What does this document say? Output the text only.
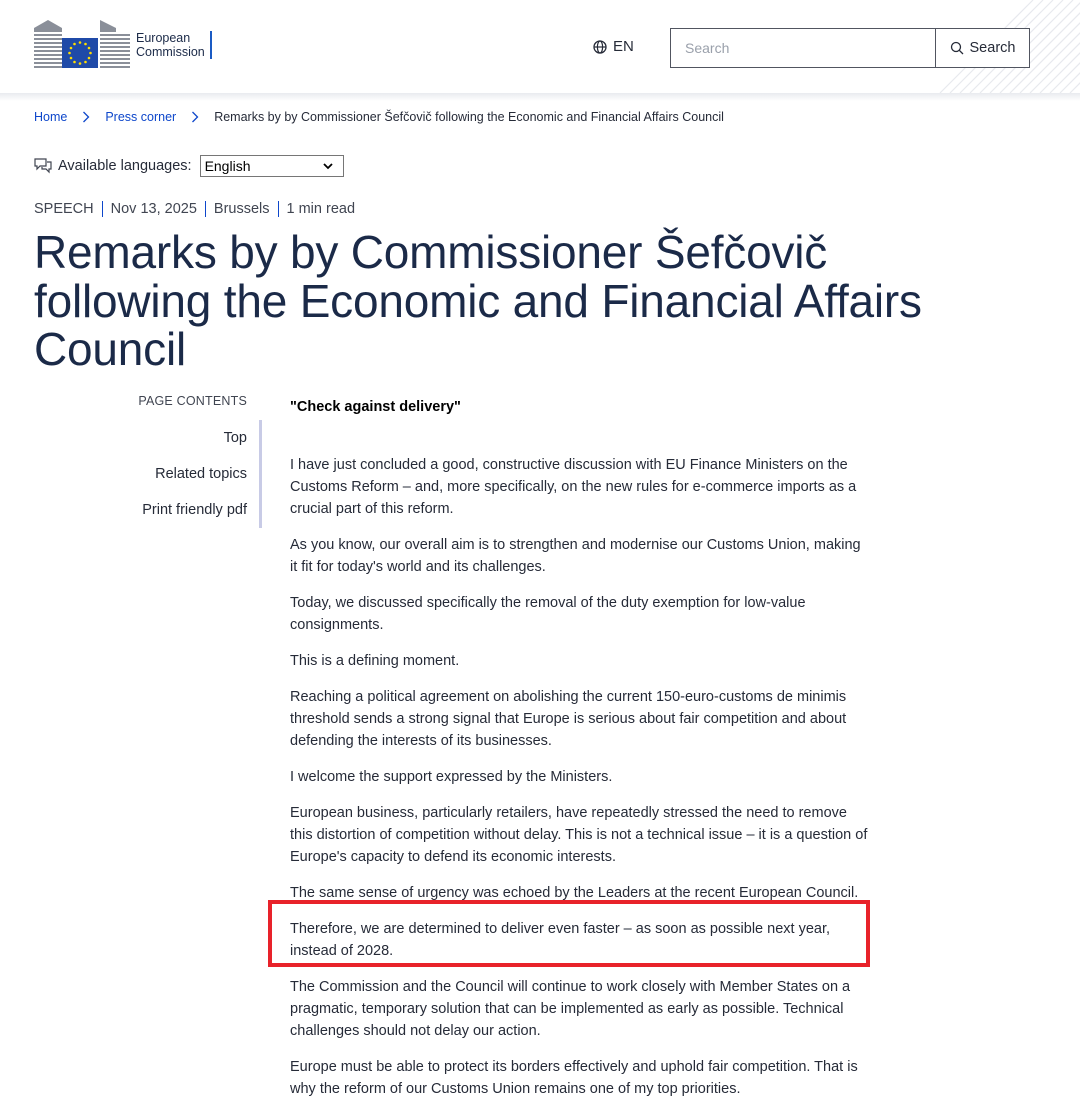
European
Commission	EN
Search	Search
Home	Press corner	Remarks by by Commissioner Šefčovič following the Economic and Financial Affairs Council
Available languages: English
SPEECH Nov 13, 2025 Brussels 1 min read
Remarks by by Commissioner Šefčovič following the Economic and Financial Affairs Council
PAGE CONTENTS
Top
Related topics
Print friendly pdf

"Check against delivery"

I have just concluded a good, constructive discussion with EU Finance Ministers on the Customs Reform – and, more specifically, on the new rules for e-commerce imports as a crucial part of this reform.

As you know, our overall aim is to strengthen and modernise our Customs Union, making it fit for today's world and its challenges.

Today, we discussed specifically the removal of the duty exemption for low-value consignments.

This is a defining moment.

Reaching a political agreement on abolishing the current 150-euro-customs de minimis threshold sends a strong signal that Europe is serious about fair competition and about defending the interests of its businesses.

I welcome the support expressed by the Ministers.

European business, particularly retailers, have repeatedly stressed the need to remove this distortion of competition without delay. This is not a technical issue – it is a question of Europe's capacity to defend its economic interests.

The same sense of urgency was echoed by the Leaders at the recent European Council.

Therefore, we are determined to deliver even faster – as soon as possible next year, instead of 2028.

The Commission and the Council will continue to work closely with Member States on a pragmatic, temporary solution that can be implemented as early as possible. Technical challenges should not delay our action.

Europe must be able to protect its borders effectively and uphold fair competition. That is why the reform of our Customs Union remains one of my top priorities.
